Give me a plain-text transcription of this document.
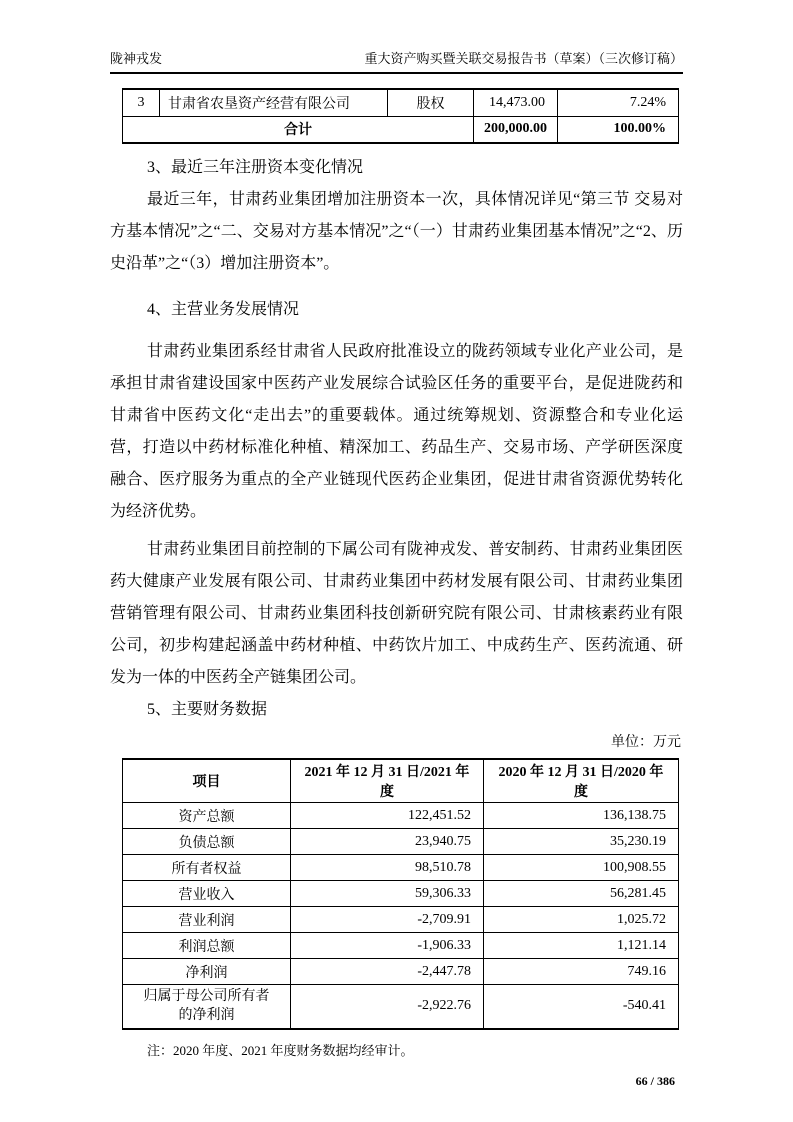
陇神戎发	重大资产购买暨关联交易报告书（草案）（三次修订稿）
3	甘肃省农垦资产经营有限公司	股权	14,473.00	7.24%
合计			200,000.00	100.00%
3、最近三年注册资本变化情况
最近三年，甘肃药业集团增加注册资本一次，具体情况详见“第三节 交易对方基本情况”之“二、交易对方基本情况”之“（一）甘肃药业集团基本情况”之“2、历史沿革”之“（3）增加注册资本”。
4、主营业务发展情况
甘肃药业集团系经甘肃省人民政府批准设立的陇药领域专业化产业公司，是承担甘肃省建设国家中医药产业发展综合试验区任务的重要平台，是促进陇药和甘肃省中医药文化“走出去”的重要载体。通过统筹规划、资源整合和专业化运营，打造以中药材标准化种植、精深加工、药品生产、交易市场、产学研医深度融合、医疗服务为重点的全产业链现代医药企业集团，促进甘肃省资源优势转化为经济优势。
甘肃药业集团目前控制的下属公司有陇神戎发、普安制药、甘肃药业集团医药大健康产业发展有限公司、甘肃药业集团中药材发展有限公司、甘肃药业集团营销管理有限公司、甘肃药业集团科技创新研究院有限公司、甘肃核素药业有限公司，初步构建起涵盖中药材种植、中药饮片加工、中成药生产、医药流通、研发为一体的中医药全产链集团公司。
5、主要财务数据
单位：万元
项目	2021 年 12 月 31 日/2021 年度	2020 年 12 月 31 日/2020 年度
资产总额	122,451.52	136,138.75
负债总额	23,940.75	35,230.19
所有者权益	98,510.78	100,908.55
营业收入	59,306.33	56,281.45
营业利润	-2,709.91	1,025.72
利润总额	-1,906.33	1,121.14
净利润	-2,447.78	749.16
归属于母公司所有者的净利润	-2,922.76	-540.41
注：2020 年度、2021 年度财务数据均经审计。
66 / 386
